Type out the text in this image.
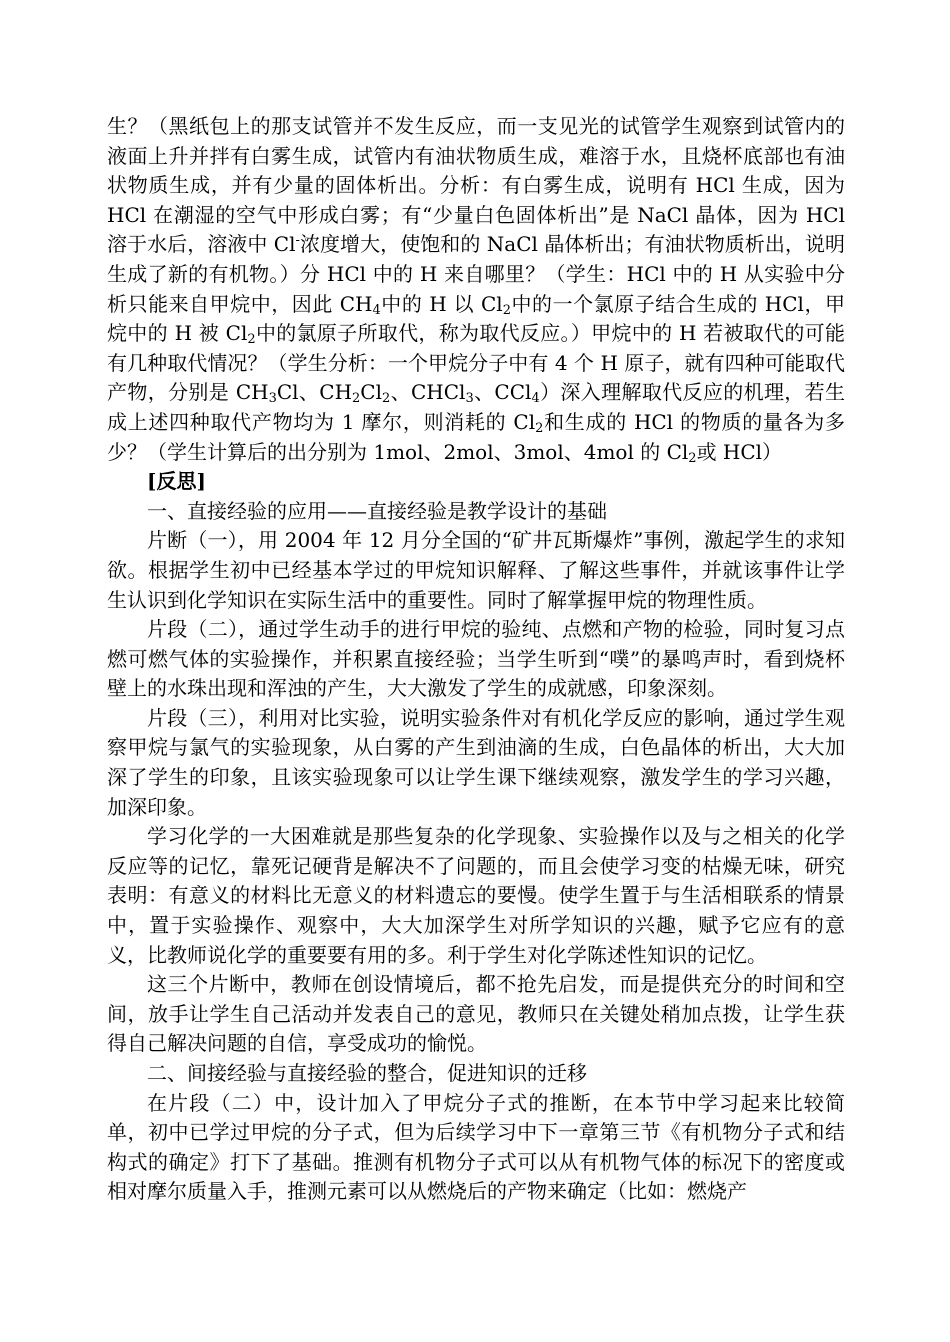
生？（黑纸包上的那支试管并不发生反应，而一支见光的试管学生观察到试管内的液面上升并拌有白雾生成，试管内有油状物质生成，难溶于水，且烧杯底部也有油状物质生成，并有少量的固体析出。分析：有白雾生成，说明有 HCl 生成，因为 HCl 在潮湿的空气中形成白雾；有“少量白色固体析出”是 NaCl 晶体，因为 HCl 溶于水后，溶液中 Cl-浓度增大，使饱和的 NaCl 晶体析出；有油状物质析出，说明生成了新的有机物。）分 HCl 中的 H 来自哪里？（学生：HCl 中的 H 从实验中分析只能来自甲烷中，因此 $CH_4$中的 H 以 $Cl_2$中的一个氯原子结合生成的 HCl，甲烷中的 H 被 $Cl_2$中的氯原子所取代，称为取代反应。）甲烷中的 H 若被取代的可能有几种取代情况？（学生分析：一个甲烷分子中有 4 个 H 原子，就有四种可能取代产物，分别是 $CH_3Cl$、$CH_2Cl_2$、CHCl$_3$、CCl$_4$）深入理解取代反应的机理，若生成上述四种取代产物均为 1 摩尔，则消耗的 $Cl_2$和生成的 HCl 的物质的量各为多少？（学生计算后的出分别为 1mol、2mol、3mol、4mol 的 $Cl_2$或 HCl）

[反思]

一、直接经验的应用——直接经验是教学设计的基础

片断（一），用 2004 年 12 月分全国的“矿井瓦斯爆炸”事例，激起学生的求知欲。根据学生初中已经基本学过的甲烷知识解释、了解这些事件，并就该事件让学生认识到化学知识在实际生活中的重要性。同时了解掌握甲烷的物理性质。

片段（二），通过学生动手的进行甲烷的验纯、点燃和产物的检验，同时复习点燃可燃气体的实验操作，并积累直接经验；当学生听到“噗”的暴鸣声时，看到烧杯壁上的水珠出现和浑浊的产生，大大激发了学生的成就感，印象深刻。

片段（三），利用对比实验，说明实验条件对有机化学反应的影响，通过学生观察甲烷与氯气的实验现象，从白雾的产生到油滴的生成，白色晶体的析出，大大加深了学生的印象，且该实验现象可以让学生课下继续观察，激发学生的学习兴趣，加深印象。

学习化学的一大困难就是那些复杂的化学现象、实验操作以及与之相关的化学反应等的记忆，靠死记硬背是解决不了问题的，而且会使学习变的枯燥无味，研究表明：有意义的材料比无意义的材料遗忘的要慢。使学生置于与生活相联系的情景中，置于实验操作、观察中，大大加深学生对所学知识的兴趣，赋予它应有的意义，比教师说化学的重要要有用的多。利于学生对化学陈述性知识的记忆。

这三个片断中，教师在创设情境后，都不抢先启发，而是提供充分的时间和空间，放手让学生自己活动并发表自己的意见，教师只在关键处稍加点拨，让学生获得自己解决问题的自信，享受成功的愉悦。

二、间接经验与直接经验的整合，促进知识的迁移

在片段（二）中，设计加入了甲烷分子式的推断，在本节中学习起来比较简单，初中已学过甲烷的分子式，但为后续学习中下一章第三节《有机物分子式和结构式的确定》打下了基础。推测有机物分子式可以从有机物气体的标况下的密度或相对摩尔质量入手，推测元素可以从燃烧后的产物来确定（比如：燃烧产
